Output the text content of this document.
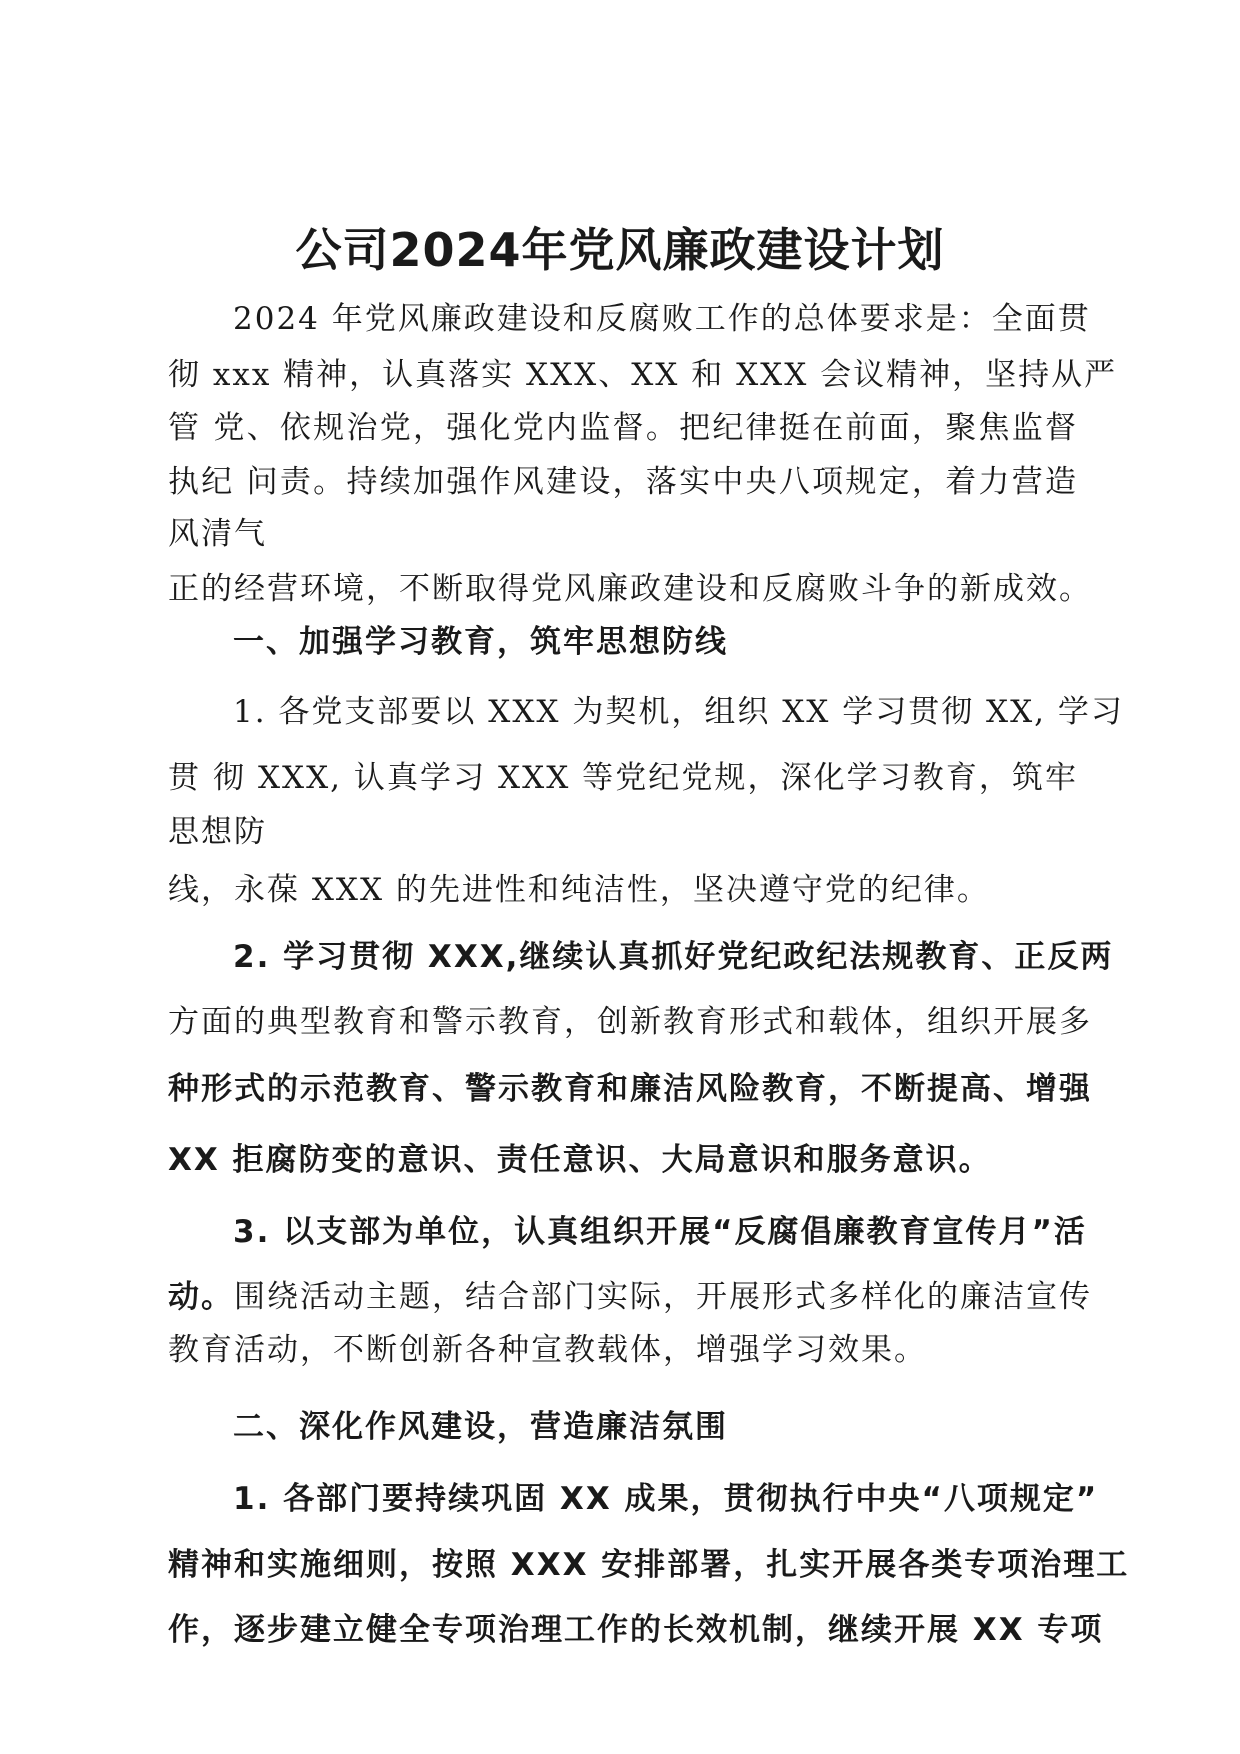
公司2024年党风廉政建设计划

2024 年党风廉政建设和反腐败工作的总体要求是：全面贯

彻 xxx 精神，认真落实 XXX、XX 和 XXX 会议精神，坚持从严

管 党、依规治党，强化党内监督。把纪律挺在前面，聚焦监督

执纪 问责。持续加强作风建设，落实中央八项规定，着力营造

风清气

正的经营环境，不断取得党风廉政建设和反腐败斗争的新成效。

一、加强学习教育，筑牢思想防线

1. 各党支部要以 XXX 为契机，组织 XX 学习贯彻 XX, 学习

贯 彻 XXX, 认真学习 XXX 等党纪党规，深化学习教育，筑牢

思想防

线，永葆 XXX 的先进性和纯洁性，坚决遵守党的纪律。

2. 学习贯彻 XXX,继续认真抓好党纪政纪法规教育、正反两

方面的典型教育和警示教育，创新教育形式和载体，组织开展多

种形式的示范教育、警示教育和廉洁风险教育，不断提高、增强

XX 拒腐防变的意识、责任意识、大局意识和服务意识。

3. 以支部为单位，认真组织开展“反腐倡廉教育宣传月”活

动。围绕活动主题，结合部门实际，开展形式多样化的廉洁宣传

教育活动，不断创新各种宣教载体，增强学习效果。

二、深化作风建设，营造廉洁氛围

1. 各部门要持续巩固 XX 成果，贯彻执行中央“八项规定”

精神和实施细则，按照 XXX 安排部署，扎实开展各类专项治理工

作，逐步建立健全专项治理工作的长效机制，继续开展 XX 专项
